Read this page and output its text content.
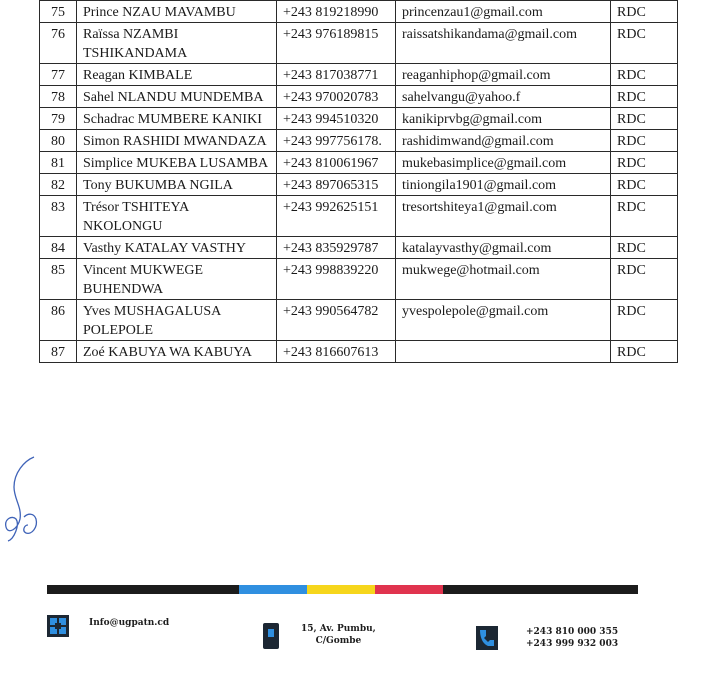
75	Prince NZAU MAVAMBU	+243 819218990	princenzau1@gmail.com	RDC
76	Raïssa NZAMBI TSHIKANDAMA	+243 976189815	raissatshikandama@gmail.com	RDC
77	Reagan KIMBALE	+243 817038771	reaganhiphop@gmail.com	RDC
78	Sahel NLANDU MUNDEMBA	+243 970020783	sahelvangu@yahoo.f	RDC
79	Schadrac MUMBERE KANIKI	+243 994510320	kanikiprvbg@gmail.com	RDC
80	Simon RASHIDI MWANDAZA	+243 997756178.	rashidimwand@gmail.com	RDC
81	Simplice MUKEBA LUSAMBA	+243 810061967	mukebasimplice@gmail.com	RDC
82	Tony BUKUMBA NGILA	+243 897065315	tiniongila1901@gmail.com	RDC
83	Trésor TSHITEYA NKOLONGU	+243 992625151	tresortshiteya1@gmail.com	RDC
84	Vasthy KATALAY VASTHY	+243 835929787	katalayvasthy@gmail.com	RDC
85	Vincent MUKWEGE BUHENDWA	+243 998839220	mukwege@hotmail.com	RDC
86	Yves MUSHAGALUSA POLEPOLE	+243 990564782	yvespolepole@gmail.com	RDC
87	Zoé KABUYA WA KABUYA	+243 816607613		RDC
Info@ugpatn.cd
15, Av. Pumbu,
C/Gombe
+243 810 000 355
+243 999 932 003
